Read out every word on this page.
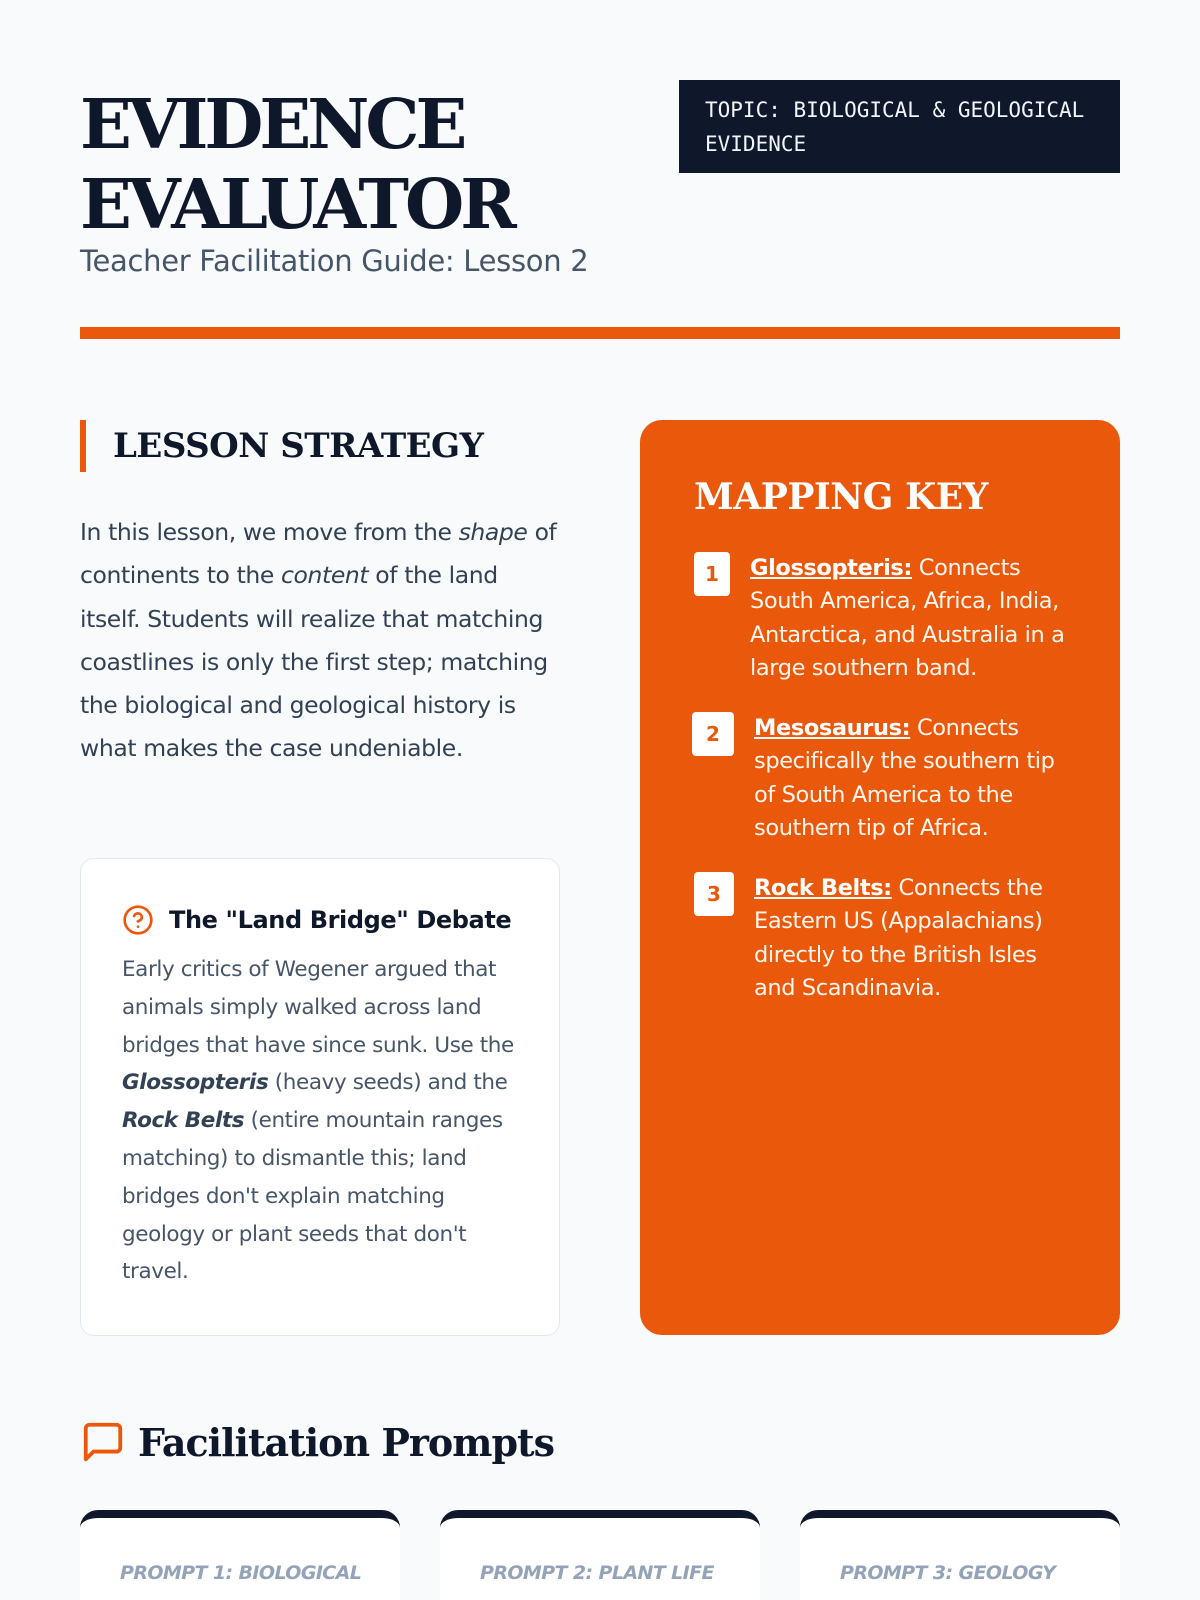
EVIDENCE
EVALUATOR
Teacher Facilitation Guide: Lesson 2
TOPIC: BIOLOGICAL & GEOLOGICAL EVIDENCE
LESSON STRATEGY

In this lesson, we move from the shape of continents to the content of the land itself. Students will realize that matching coastlines is only the first step; matching the biological and geological history is what makes the case undeniable.

The "Land Bridge" Debate

Early critics of Wegener argued that animals simply walked across land bridges that have since sunk. Use the Glossopteris (heavy seeds) and the Rock Belts (entire mountain ranges matching) to dismantle this; land bridges don't explain matching geology or plant seeds that don't travel.

MAPPING KEY
1	Glossopteris: Connects South America, Africa, India, Antarctica, and Australia in a large southern band.

2	Mesosaurus: Connects specifically the southern tip of South America to the southern tip of Africa.

3	Rock Belts: Connects the Eastern US (Appalachians) directly to the British Isles and Scandinavia.

Facilitation Prompts
PROMPT 1: BIOLOGICAL	PROMPT 2: PLANT LIFE	PROMPT 3: GEOLOGY
